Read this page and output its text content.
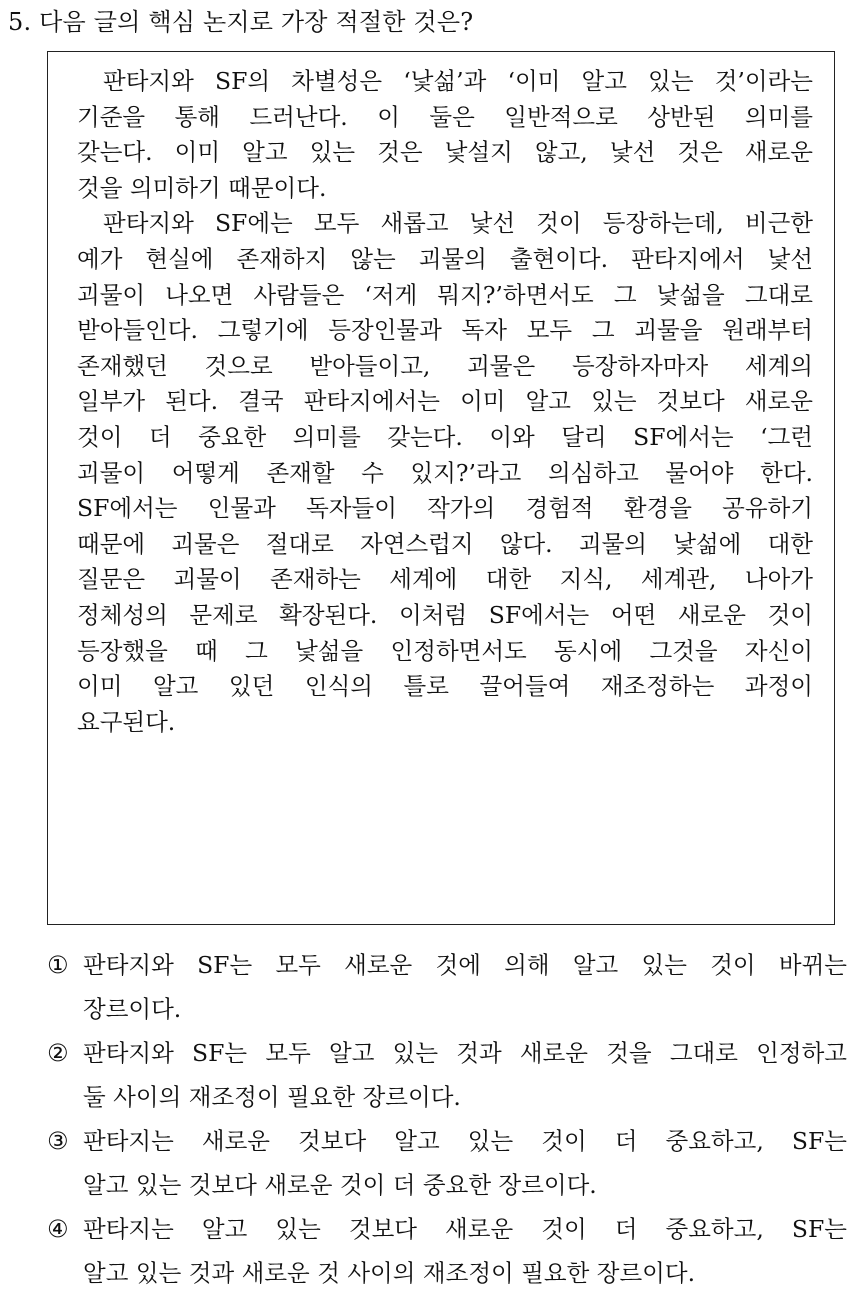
5. 다음 글의 핵심 논지로 가장 적절한 것은?
판타지와 SF의 차별성은 ‘낯섦’과 ‘이미 알고 있는 것’이라는
기준을 통해 드러난다. 이 둘은 일반적으로 상반된 의미를
갖는다. 이미 알고 있는 것은 낯설지 않고, 낯선 것은 새로운
것을 의미하기 때문이다.
판타지와 SF에는 모두 새롭고 낯선 것이 등장하는데, 비근한
예가 현실에 존재하지 않는 괴물의 출현이다. 판타지에서 낯선
괴물이 나오면 사람들은 ‘저게 뭐지?’하면서도 그 낯섦을 그대로
받아들인다. 그렇기에 등장인물과 독자 모두 그 괴물을 원래부터
존재했던 것으로 받아들이고, 괴물은 등장하자마자 세계의
일부가 된다. 결국 판타지에서는 이미 알고 있는 것보다 새로운
것이 더 중요한 의미를 갖는다. 이와 달리 SF에서는 ‘그런
괴물이 어떻게 존재할 수 있지?’라고 의심하고 물어야 한다.
SF에서는 인물과 독자들이 작가의 경험적 환경을 공유하기
때문에 괴물은 절대로 자연스럽지 않다. 괴물의 낯섦에 대한
질문은 괴물이 존재하는 세계에 대한 지식, 세계관, 나아가
정체성의 문제로 확장된다. 이처럼 SF에서는 어떤 새로운 것이
등장했을 때 그 낯섦을 인정하면서도 동시에 그것을 자신이
이미 알고 있던 인식의 틀로 끌어들여 재조정하는 과정이
요구된다.
① 판타지와 SF는 모두 새로운 것에 의해 알고 있는 것이 바뀌는
장르이다.
② 판타지와 SF는 모두 알고 있는 것과 새로운 것을 그대로 인정하고
둘 사이의 재조정이 필요한 장르이다.
③ 판타지는 새로운 것보다 알고 있는 것이 더 중요하고, SF는
알고 있는 것보다 새로운 것이 더 중요한 장르이다.
④ 판타지는 알고 있는 것보다 새로운 것이 더 중요하고, SF는
알고 있는 것과 새로운 것 사이의 재조정이 필요한 장르이다.
